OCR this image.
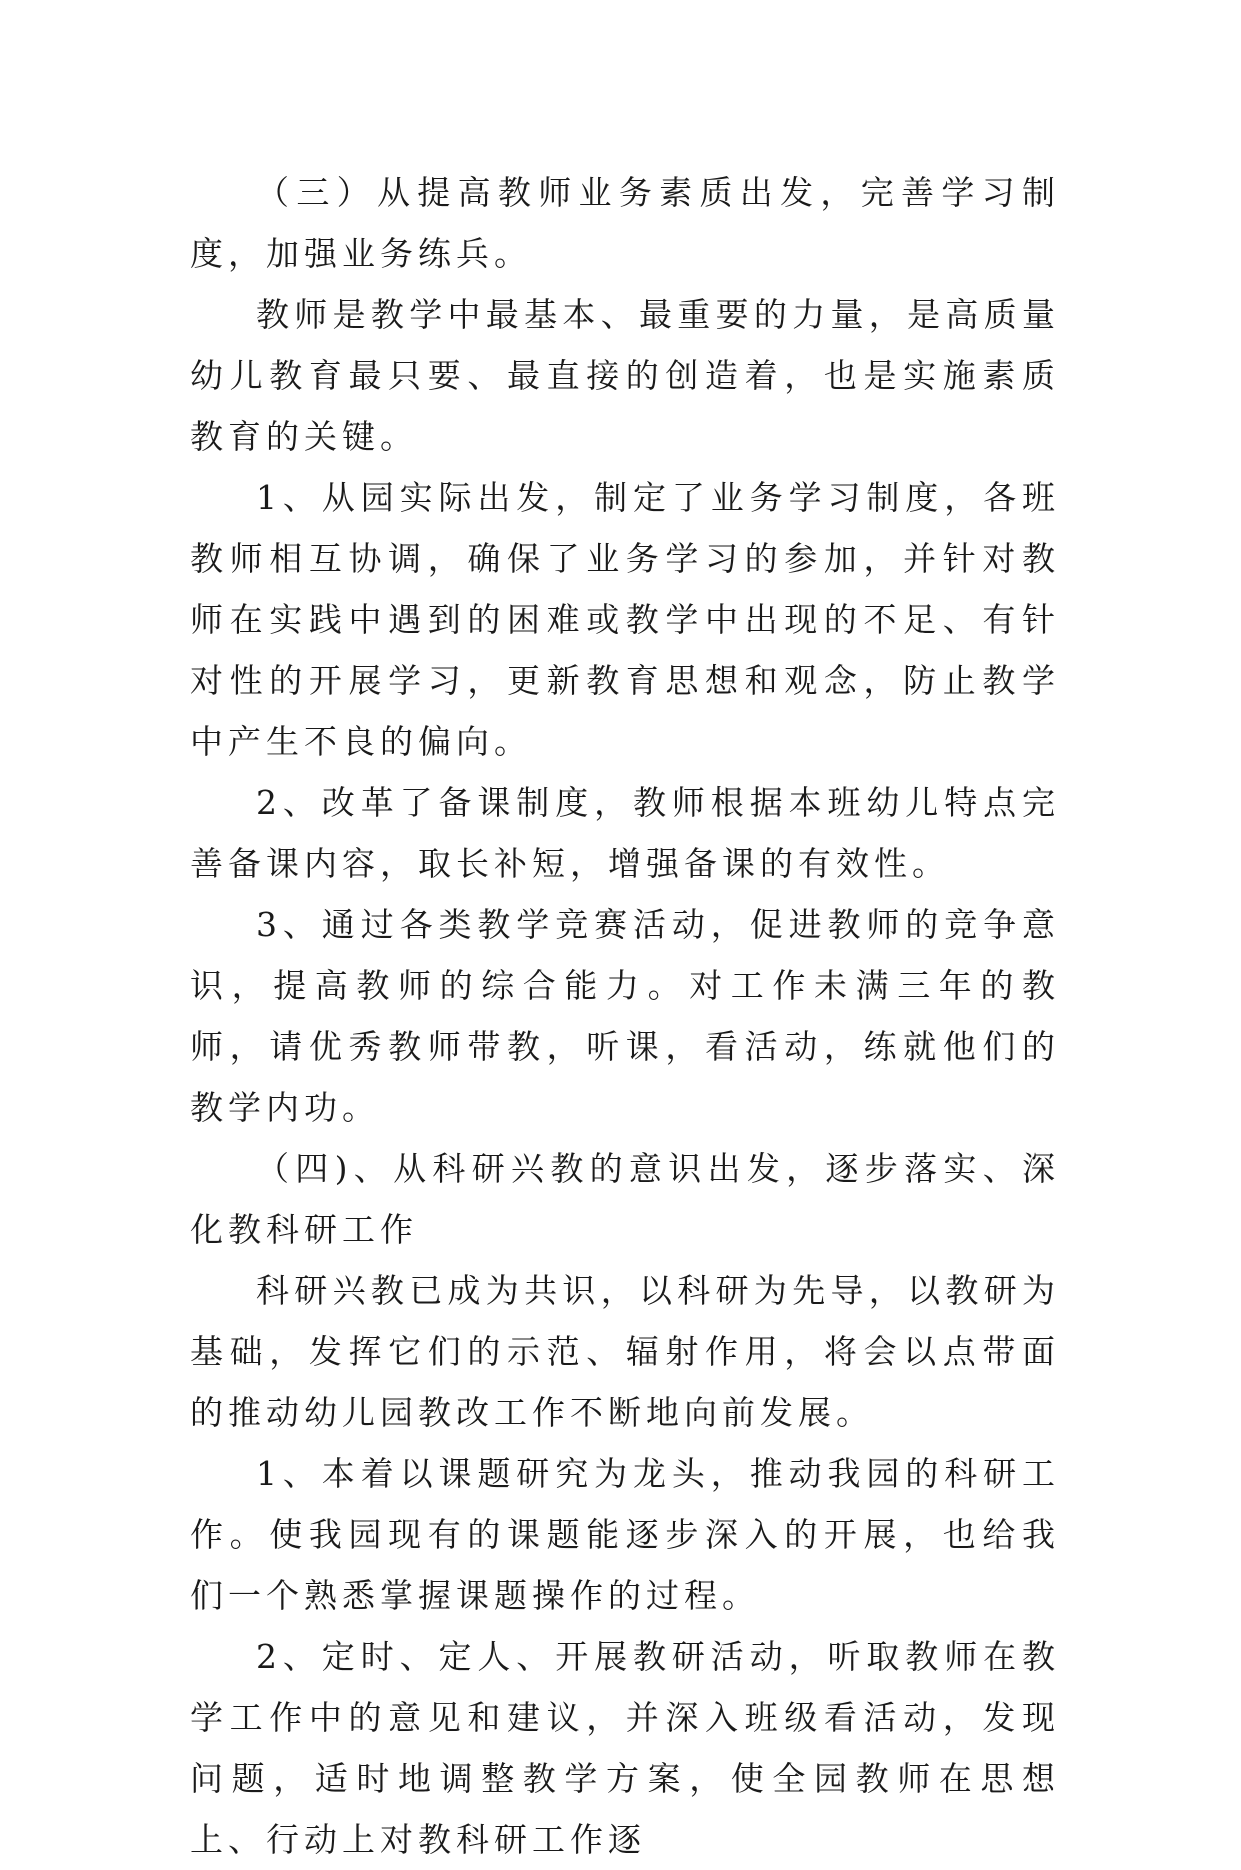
（三）从提高教师业务素质出发，完善学习制度，加强业务练兵。

教师是教学中最基本、最重要的力量，是高质量幼儿教育最只要、最直接的创造着，也是实施素质教育的关键。

1、从园实际出发，制定了业务学习制度，各班教师相互协调，确保了业务学习的参加，并针对教师在实践中遇到的困难或教学中出现的不足、有针对性的开展学习，更新教育思想和观念，防止教学中产生不良的偏向。

2、改革了备课制度，教师根据本班幼儿特点完善备课内容，取长补短，增强备课的有效性。

3、通过各类教学竞赛活动，促进教师的竞争意识，提高教师的综合能力。对工作未满三年的教师，请优秀教师带教，听课，看活动，练就他们的教学内功。

（四)、从科研兴教的意识出发，逐步落实、深化教科研工作

科研兴教已成为共识，以科研为先导，以教研为基础，发挥它们的示范、辐射作用，将会以点带面的推动幼儿园教改工作不断地向前发展。

1、本着以课题研究为龙头，推动我园的科研工作。使我园现有的课题能逐步深入的开展，也给我们一个熟悉掌握课题操作的过程。

2、定时、定人、开展教研活动，听取教师在教学工作中的意见和建议，并深入班级看活动，发现问题，适时地调整教学方案，使全园教师在思想上、行动上对教科研工作逐
